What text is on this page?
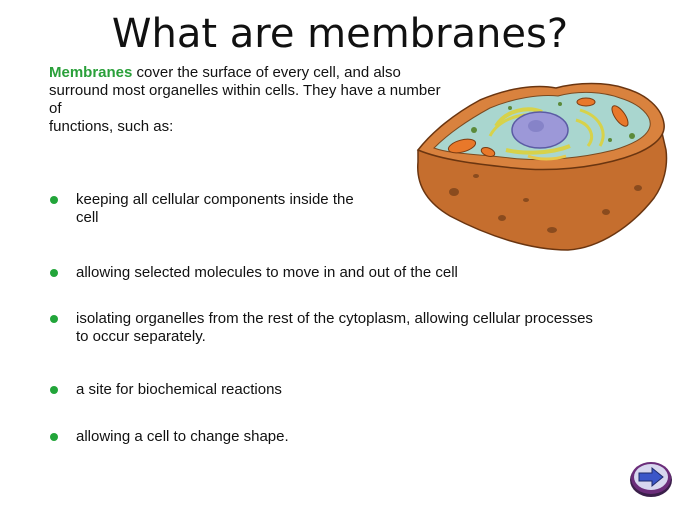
What are membranes?
Membranes cover the surface of every cell, and also
surround most organelles within cells. They have a number
of
functions, such as:
keeping all cellular components inside the
cell
allowing selected molecules to move in and out of the cell
isolating organelles from the rest of the cytoplasm, allowing cellular processes
to occur separately.
a site for biochemical reactions
allowing a cell to change shape.
